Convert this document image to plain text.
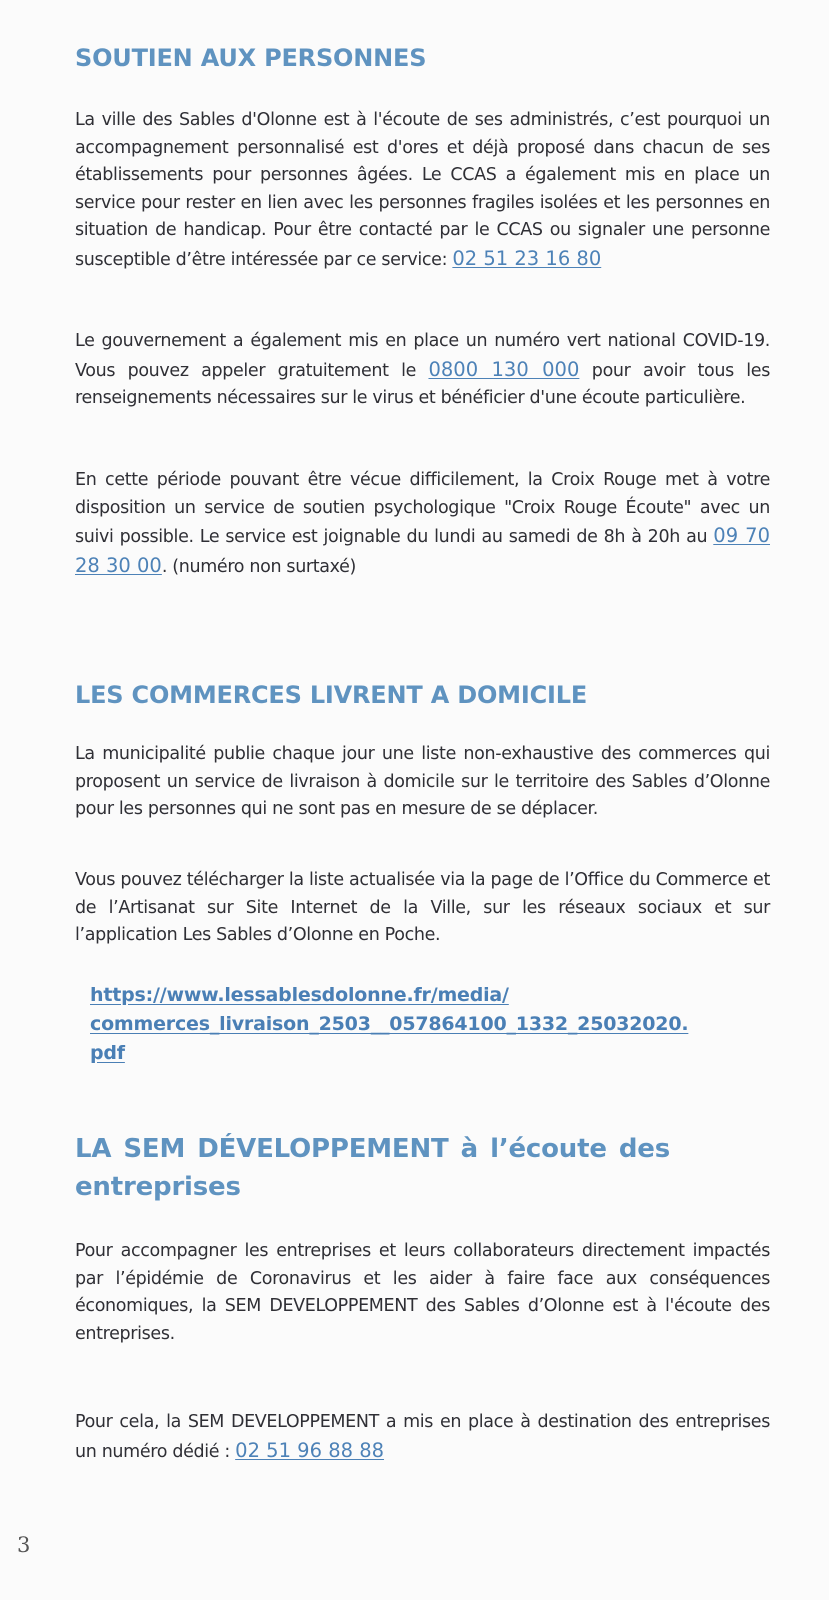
SOUTIEN AUX PERSONNES

La ville des Sables d'Olonne est à l'écoute de ses administrés, c’est pourquoi un accompagnement personnalisé est d'ores et déjà proposé dans chacun de ses établissements pour personnes âgées. Le CCAS a également mis en place un service pour rester en lien avec les personnes fragiles isolées et les personnes en situation de handicap. Pour être contacté par le CCAS ou signaler une personne susceptible d’être intéressée par ce service: 02 51 23 16 80

Le gouvernement a également mis en place un numéro vert national COVID-19. Vous pouvez appeler gratuitement le 0800 130 000 pour avoir tous les renseignements nécessaires sur le virus et bénéficier d'une écoute particulière.

En cette période pouvant être vécue difficilement, la Croix Rouge met à votre disposition un service de soutien psychologique "Croix Rouge Écoute" avec un suivi possible. Le service est joignable du lundi au samedi de 8h à 20h au 09 70 28 30 00. (numéro non surtaxé)

LES COMMERCES LIVRENT A DOMICILE

La municipalité publie chaque jour une liste non-exhaustive des commerces qui proposent un service de livraison à domicile sur le territoire des Sables d’Olonne pour les personnes qui ne sont pas en mesure de se déplacer.

Vous pouvez télécharger la liste actualisée via la page de l’Office du Commerce et de l’Artisanat sur Site Internet de la Ville, sur les réseaux sociaux et sur l’application Les Sables d’Olonne en Poche.

https://www.lessablesdolonne.fr/media/
commerces_livraison_2503__057864100_1332_25032020.
pdf
LA SEM DÉVELOPPEMENT à l’écoute des entreprises

Pour accompagner les entreprises et leurs collaborateurs directement impactés par l’épidémie de Coronavirus et les aider à faire face aux conséquences économiques, la SEM DEVELOPPEMENT des Sables d’Olonne est à l'écoute des entreprises.

Pour cela, la SEM DEVELOPPEMENT a mis en place à destination des entreprises un numéro dédié : 02 51 96 88 88

3
